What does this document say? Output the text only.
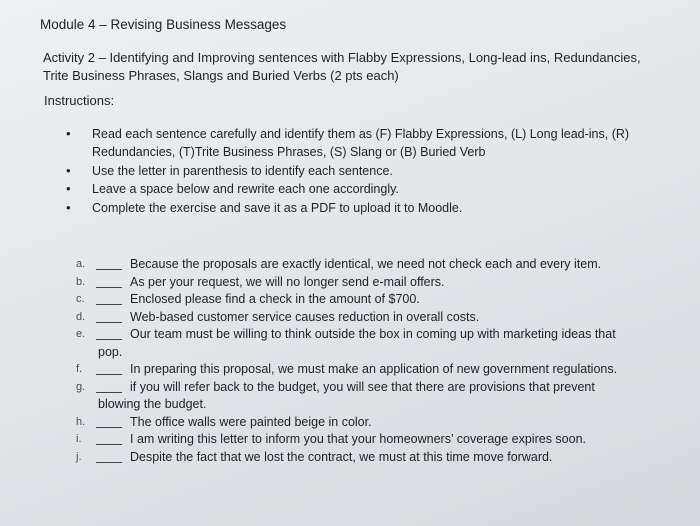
Module 4 – Revising Business Messages
Activity 2 – Identifying and Improving sentences with Flabby Expressions, Long-lead ins, Redundancies, Trite Business Phrases, Slangs and Buried Verbs (2 pts each)
Instructions:
• Read each sentence carefully and identify them as (F) Flabby Expressions, (L) Long lead-ins, (R) Redundancies, (T)Trite Business Phrases, (S) Slang or (B) Buried Verb
• Use the letter in parenthesis to identify each sentence.
• Leave a space below and rewrite each one accordingly.
• Complete the exercise and save it as a PDF to upload it to Moodle.
a.	Because the proposals are exactly identical, we need not check each and every item.
b.	As per your request, we will no longer send e-mail offers.
c.	Enclosed please find a check in the amount of $700.
d.	Web-based customer service causes reduction in overall costs.
e.	Our team must be willing to think outside the box in coming up with marketing ideas that
pop.
f.	In preparing this proposal, we must make an application of new government regulations.
g.	if you will refer back to the budget, you will see that there are provisions that prevent
blowing the budget.
h.	The office walls were painted beige in color.
i.	I am writing this letter to inform you that your homeowners’ coverage expires soon.
j.	Despite the fact that we lost the contract, we must at this time move forward.
